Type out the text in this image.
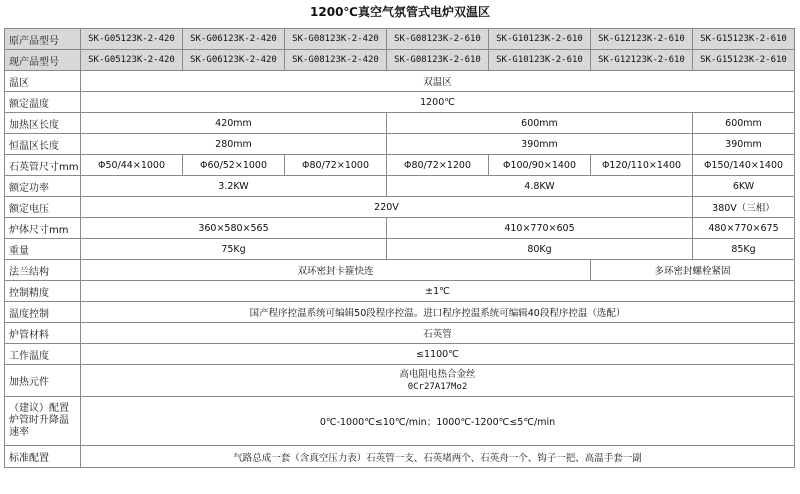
1200℃真空气氛管式电炉双温区
原产品型号	SK-G05123K-2-420	SK-G06123K-2-420	SK-G08123K-2-420	SK-G08123K-2-610	SK-G10123K-2-610	SK-G12123K-2-610	SK-G15123K-2-610
现产品型号	SK-G05123K-2-420	SK-G06123K-2-420	SK-G08123K-2-420	SK-G08123K-2-610	SK-G10123K-2-610	SK-G12123K-2-610	SK-G15123K-2-610
温区	双温区						
额定温度	1200℃						
加热区长度	420mm			600mm			600mm
恒温区长度	280mm			390mm			390mm
石英管尺寸mm	Φ50/44×1000	Φ60/52×1000	Φ80/72×1000	Φ80/72×1200	Φ100/90×1400	Φ120/110×1400	Φ150/140×1400
额定功率	3.2KW			4.8KW			6KW
额定电压	220V						380V（三相）
炉体尺寸mm	360×580×565			410×770×605			480×770×675
重量	75Kg			80Kg			85Kg
法兰结构	双环密封卡箍快连					多环密封螺栓紧固	
控制精度	±1℃						
温度控制	国产程序控温系统可编辑50段程序控温。进口程序控温系统可编辑40段程序控温（选配）						
炉管材料	石英管						
工作温度	≤1100℃						
加热元件	高电阻电热合金丝
0Cr27A17Mo2						

（建议）配置炉管时升降温速率	0℃-1000℃≤10℃/min；1000℃-1200℃≤5℃/min						
标准配置	气路总成一套（含真空压力表）石英管一支、石英堵两个、石英舟一个、钩子一把、高温手套一副						
